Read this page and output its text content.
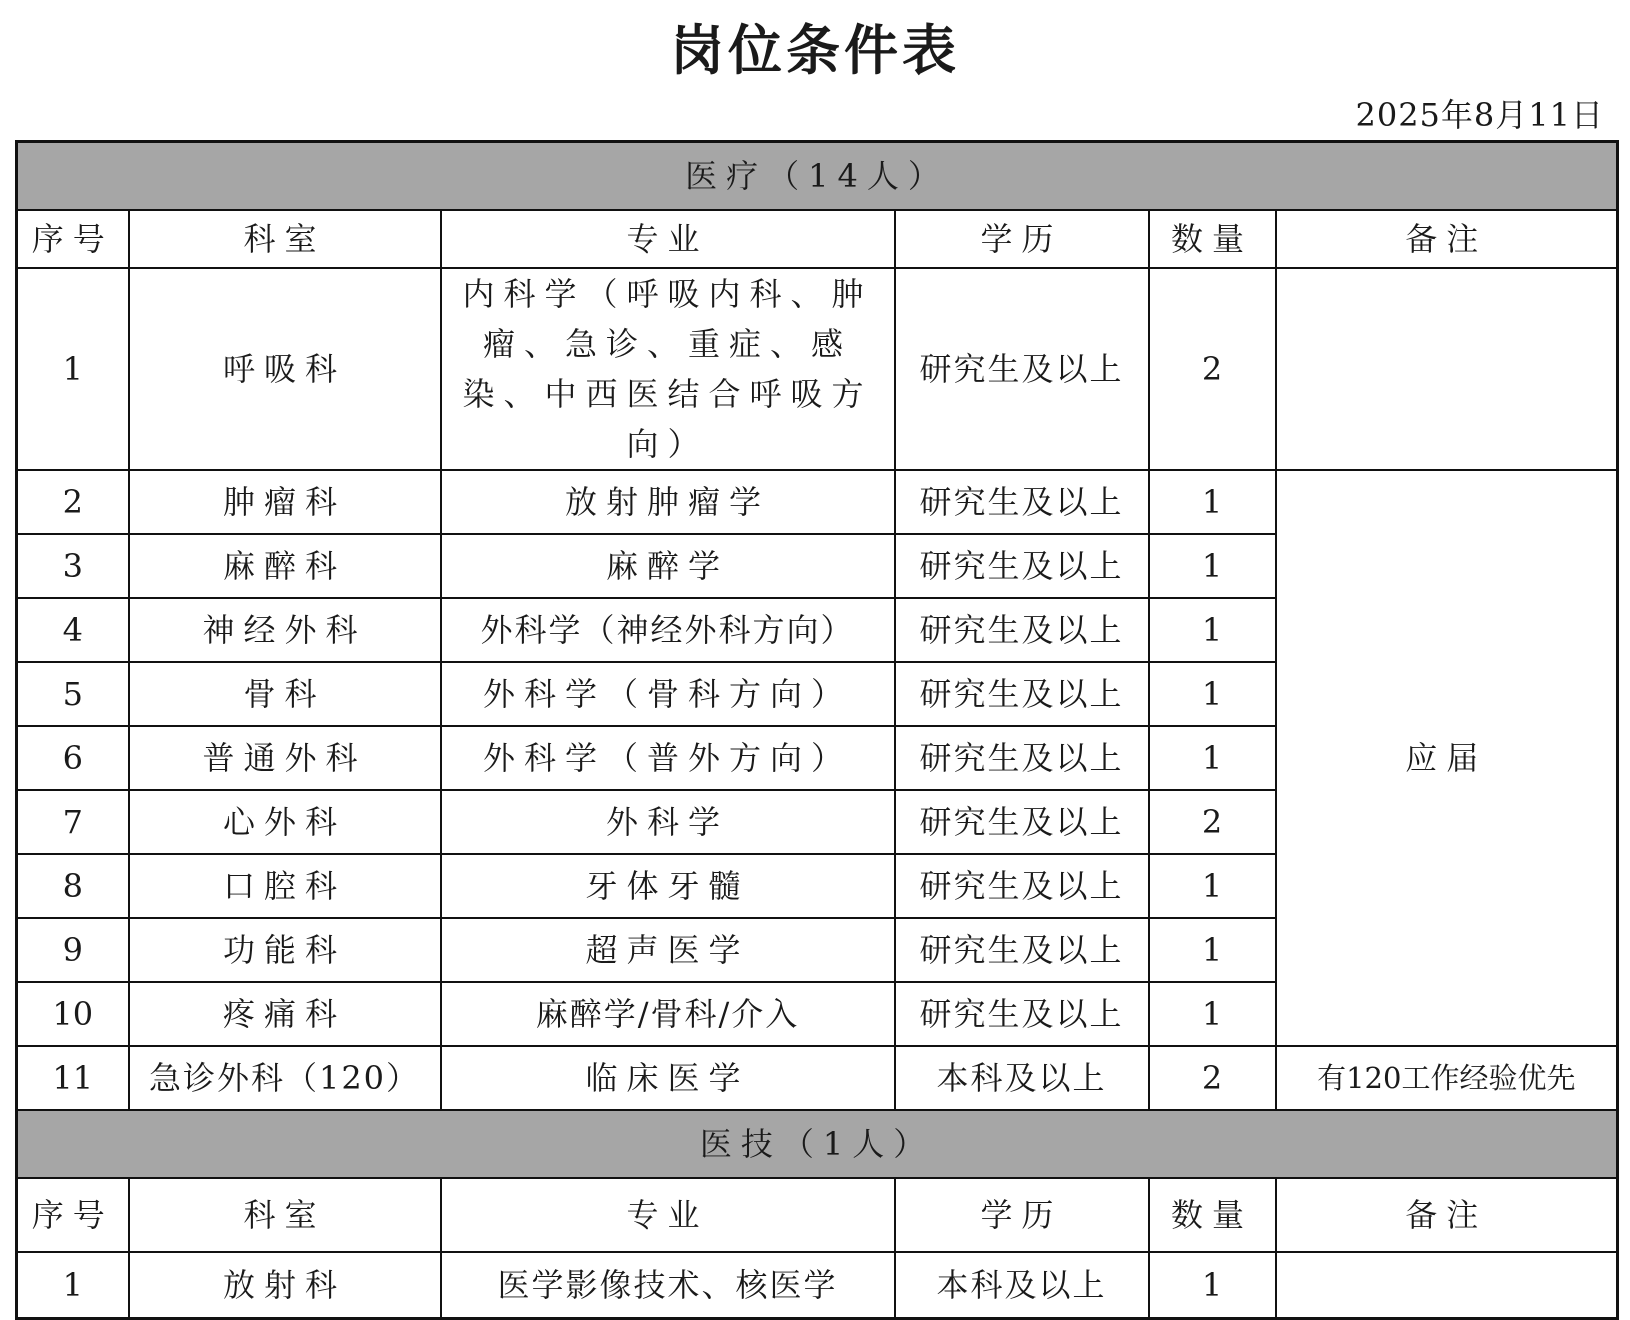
岗位条件表
2025年8月11日
医疗（14人）					
序号	科室	专业	学历	数量	备注
1	呼吸科	内科学（呼吸内科、肿瘤、急诊、重症、感染、中西医结合呼吸方向）	研究生及以上	2	
2	肿瘤科	放射肿瘤学	研究生及以上	1	应届
3	麻醉科	麻醉学	研究生及以上	1	
4	神经外科	外科学（神经外科方向）	研究生及以上	1	
5	骨科	外科学（骨科方向）	研究生及以上	1	
6	普通外科	外科学（普外方向）	研究生及以上	1	
7	心外科	外科学	研究生及以上	2	
8	口腔科	牙体牙髓	研究生及以上	1	
9	功能科	超声医学	研究生及以上	1	
10	疼痛科	麻醉学/骨科/介入	研究生及以上	1	
11	急诊外科（120）	临床医学	本科及以上	2	有120工作经验优先
医技（1人）					
序号	科室	专业	学历	数量	备注
1	放射科	医学影像技术、核医学	本科及以上	1	
